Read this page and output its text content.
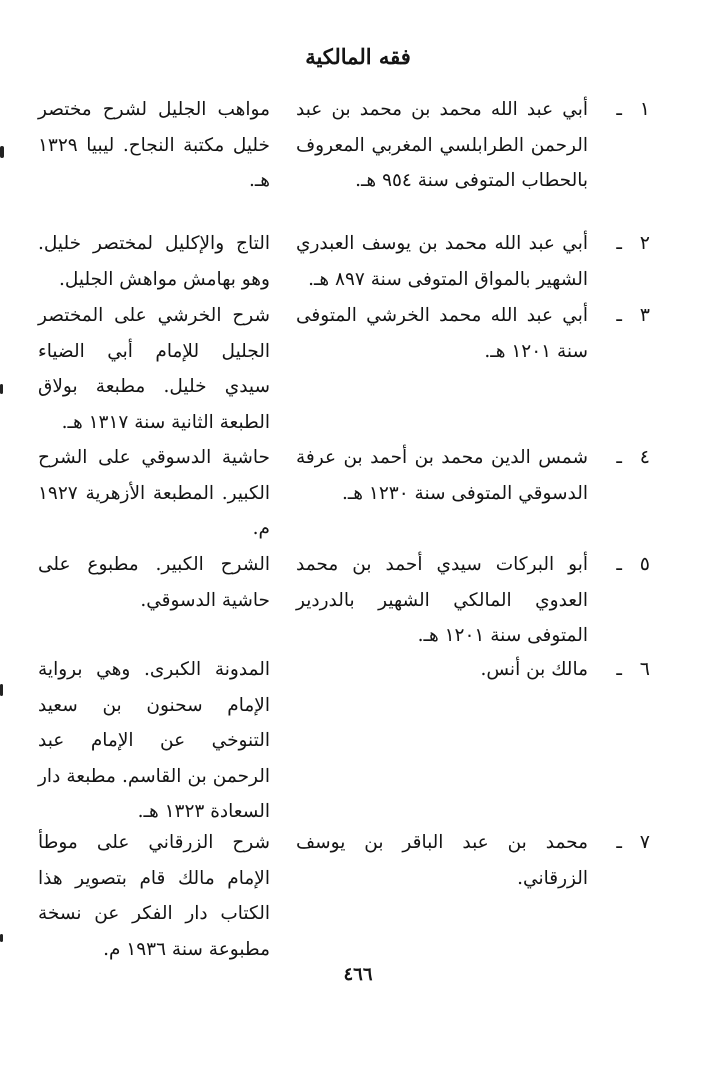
فقه المالكية
١
ـ
أبي عبد الله محمد بن محمد بن عبد الرحمن الطرابلسي المغربي المعروف بالحطاب المتوفى سنة ٩٥٤ هـ.
مواهب الجليل لشرح مختصر خليل مكتبة النجاح. ليبيا ١٣٢٩ هـ.
٢
ـ
أبي عبد الله محمد بن يوسف العبدري الشهير بالمواق المتوفى سنة ٨٩٧ هـ.
التاج والإكليل لمختصر خليل. وهو بهامش مواهش الجليل.
٣
ـ
أبي عبد الله محمد الخرشي المتوفى سنة ١٢٠١ هـ.
شرح الخرشي على المختصر الجليل للإمام أبي الضياء سيدي خليل. مطبعة بولاق الطبعة الثانية سنة ١٣١٧ هـ.
٤
ـ
شمس الدين محمد بن أحمد بن عرفة الدسوقي المتوفى سنة ١٢٣٠ هـ.
حاشية الدسوقي على الشرح الكبير. المطبعة الأزهرية ١٩٢٧ م.
٥
ـ
أبو البركات سيدي أحمد بن محمد العدوي المالكي الشهير بالدردير المتوفى سنة ١٢٠١ هـ.
الشرح الكبير. مطبوع على حاشية الدسوقي.
٦
ـ
مالك بن أنس.
المدونة الكبرى. وهي برواية الإمام سحنون بن سعيد التنوخي عن الإمام عبد الرحمن بن القاسم. مطبعة دار السعادة ١٣٢٣ هـ.
٧
ـ
محمد بن عبد الباقر بن يوسف الزرقاني.
شرح الزرقاني على موطأ الإمام مالك قام بتصوير هذا الكتاب دار الفكر عن نسخة مطبوعة سنة ١٩٣٦ م.
٤٦٦
